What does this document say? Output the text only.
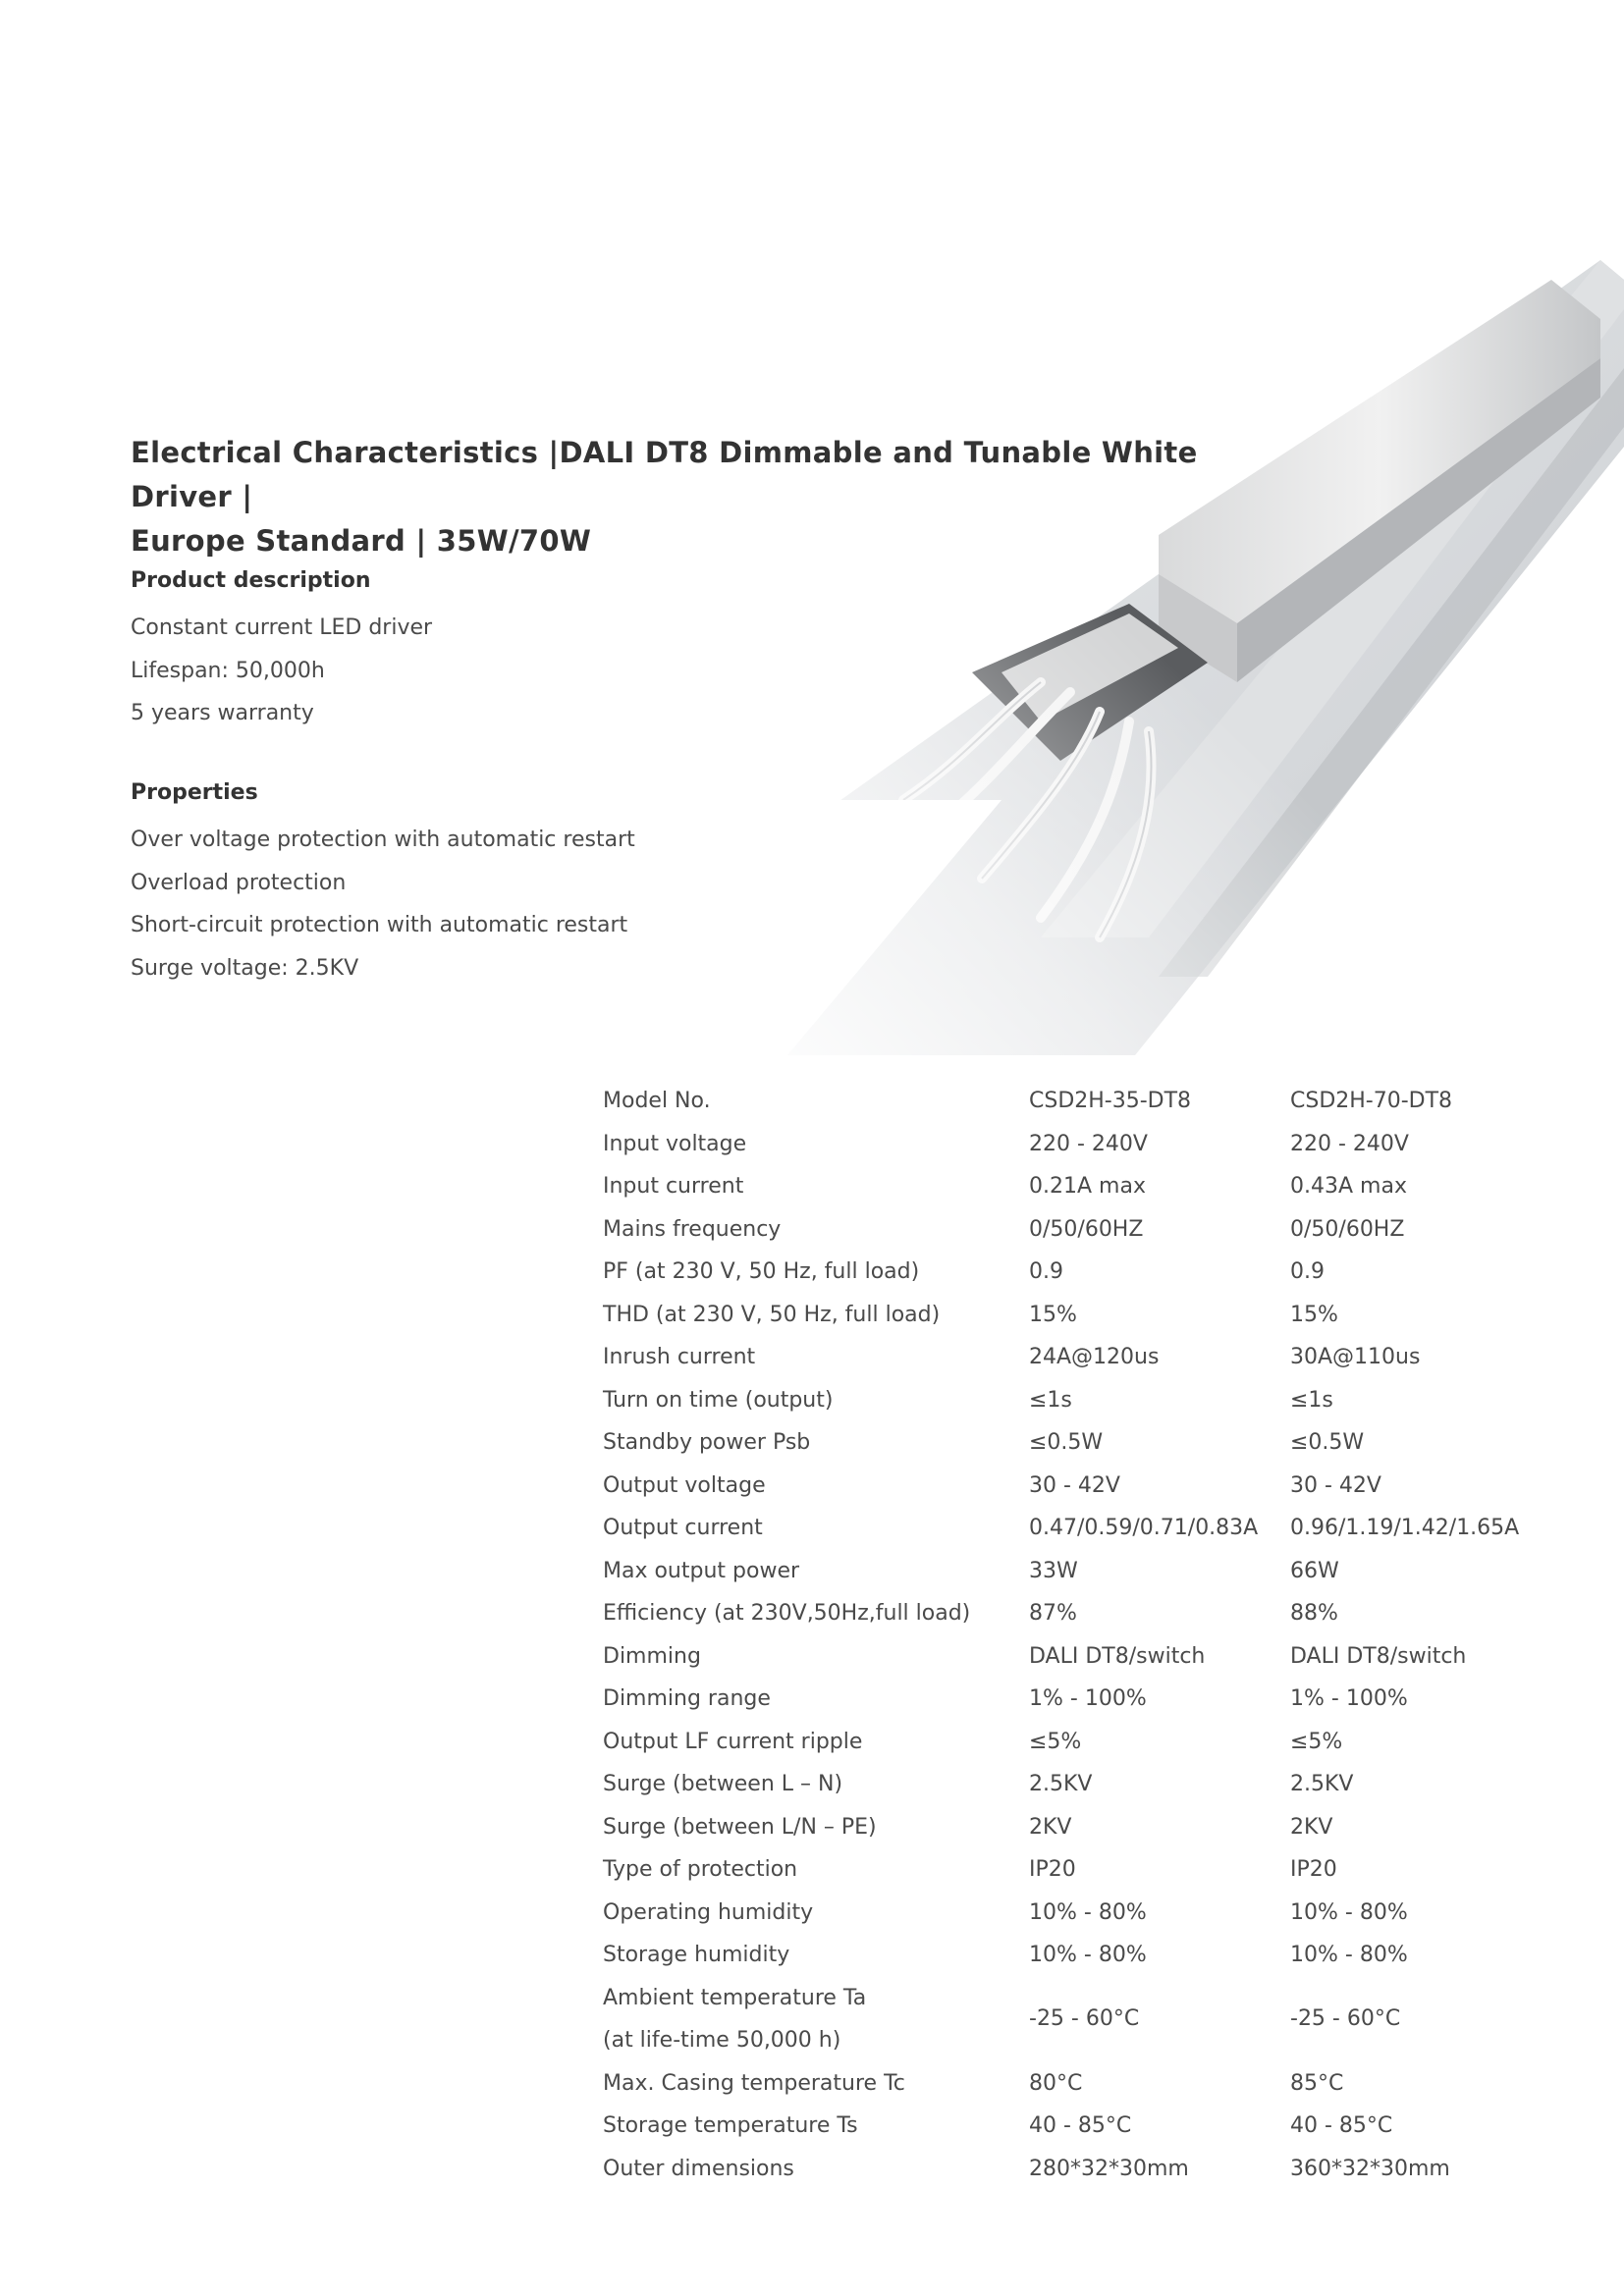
Electrical Characteristics |DALI DT8 Dimmable and Tunable White Driver |
Europe Standard | 35W/70W
Product description
Constant current LED driver
Lifespan: 50,000h
5 years warranty
Properties
Over voltage protection with automatic restart
Overload protection
Short-circuit protection with automatic restart
Surge voltage: 2.5KV
Model No.	CSD2H-35-DT8	CSD2H-70-DT8
Input voltage	220 - 240V	220 - 240V
Input current	0.21A max	0.43A max
Mains frequency	0/50/60HZ	0/50/60HZ
PF (at 230 V, 50 Hz, full load)	0.9	0.9
THD (at 230 V, 50 Hz, full load)	15%	15%
Inrush current	24A@120us	30A@110us
Turn on time (output)	≤1s	≤1s
Standby power Psb	≤0.5W	≤0.5W
Output voltage	30 - 42V	30 - 42V
Output current	0.47/0.59/0.71/0.83A	0.96/1.19/1.42/1.65A
Max output power	33W	66W
Efficiency (at 230V,50Hz,full load)	87%	88%
Dimming	DALI DT8/switch	DALI DT8/switch
Dimming range	1% - 100%	1% - 100%
Output LF current ripple	≤5%	≤5%
Surge (between L – N)	2.5KV	2.5KV
Surge (between L/N – PE)	2KV	2KV
Type of protection	IP20	IP20
Operating humidity	10% - 80%	10% - 80%
Storage humidity	10% - 80%	10% - 80%

Ambient temperature Ta
(at life-time 50,000 h)	-25 - 60°C	-25 - 60°C
Max. Casing temperature Tc	80°C	85°C
Storage temperature Ts	40 - 85°C	40 - 85°C
Outer dimensions	280*32*30mm	360*32*30mm
